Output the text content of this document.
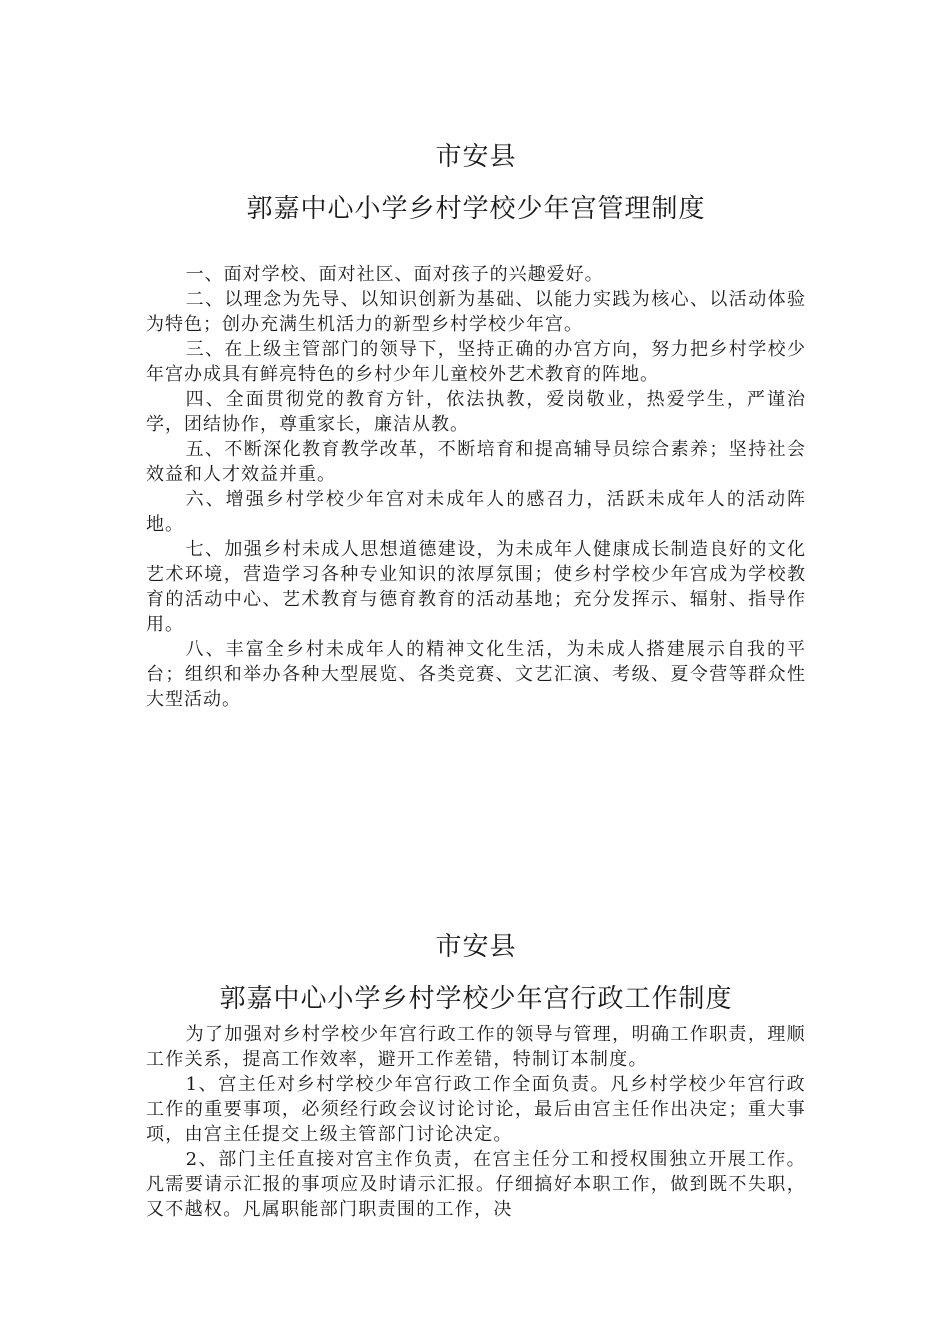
市安县
郭嘉中心小学乡村学校少年宫管理制度

一、面对学校、面对社区、面对孩子的兴趣爱好。

二、以理念为先导、以知识创新为基础、以能力实践为核心、以活动体验为特色；创办充满生机活力的新型乡村学校少年宫。

三、在上级主管部门的领导下，坚持正确的办宫方向，努力把乡村学校少年宫办成具有鲜亮特色的乡村少年儿童校外艺术教育的阵地。

四、全面贯彻党的教育方针，依法执教，爱岗敬业，热爱学生，严谨治学，团结协作，尊重家长，廉洁从教。

五、不断深化教育教学改革，不断培育和提高辅导员综合素养；坚持社会效益和人才效益并重。

六、增强乡村学校少年宫对未成年人的感召力，活跃未成年人的活动阵地。

七、加强乡村未成人思想道德建设，为未成年人健康成长制造良好的文化艺术环境，营造学习各种专业知识的浓厚氛围；使乡村学校少年宫成为学校教育的活动中心、艺术教育与德育教育的活动基地；充分发挥示、辐射、指导作用。

八、丰富全乡村未成年人的精神文化生活，为未成人搭建展示自我的平台；组织和举办各种大型展览、各类竞赛、文艺汇演、考级、夏令营等群众性大型活动。

市安县
郭嘉中心小学乡村学校少年宫行政工作制度

为了加强对乡村学校少年宫行政工作的领导与管理，明确工作职责，理顺工作关系，提高工作效率，避开工作差错，特制订本制度。

1、宫主任对乡村学校少年宫行政工作全面负责。凡乡村学校少年宫行政工作的重要事项，必须经行政会议讨论讨论，最后由宫主任作出决定；重大事项，由宫主任提交上级主管部门讨论决定。

2、部门主任直接对宫主作负责，在宫主任分工和授权围独立开展工作。凡需要请示汇报的事项应及时请示汇报。仔细搞好本职工作，做到既不失职，又不越权。凡属职能部门职责围的工作，决
